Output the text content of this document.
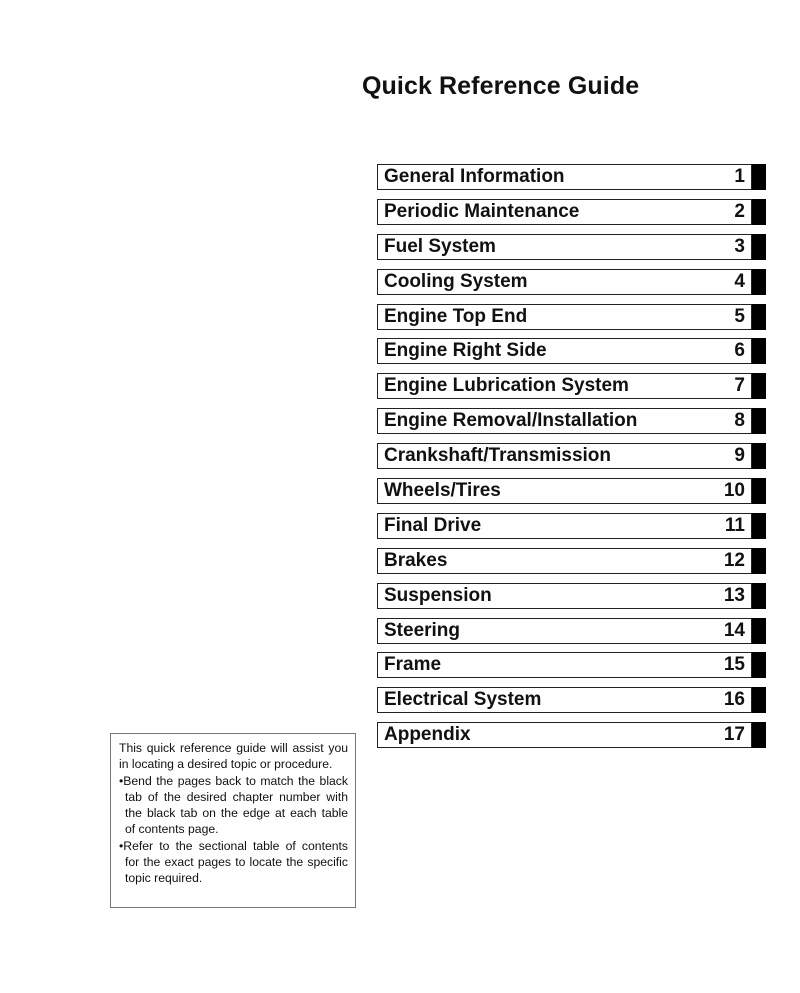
Quick Reference Guide
General Information	1
Periodic Maintenance	2
Fuel System	3
Cooling System	4
Engine Top End	5
Engine Right Side	6
Engine Lubrication System	7
Engine Removal/Installation	8
Crankshaft/Transmission	9
Wheels/Tires	10
Final Drive	11
Brakes	12
Suspension	13
Steering	14
Frame	15
Electrical System	16
Appendix	17

This quick reference guide will assist you in locating a desired topic or procedure.

•Bend the pages back to match the black tab of the desired chapter number with the black tab on the edge at each table of contents page.

•Refer to the sectional table of contents for the exact pages to locate the specific topic required.
